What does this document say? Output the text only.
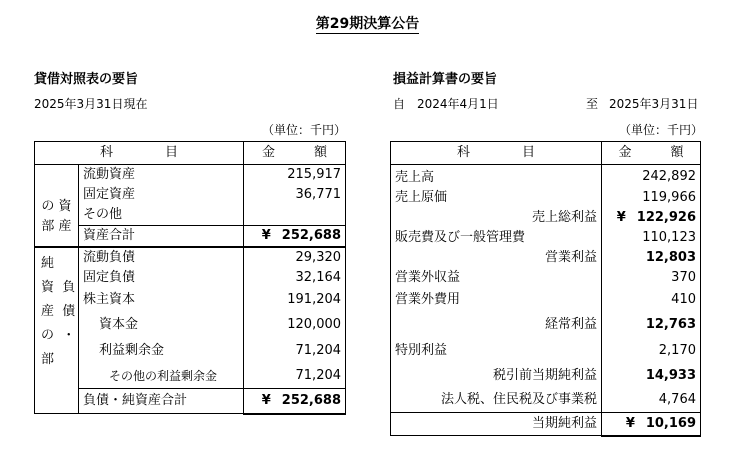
第29期決算公告
貸借対照表の要旨
2025年3月31日現在
（単位：千円）
科　　　　目		金　　　額

の 資
部 産	流動資産	215,917
	固定資産	36,771
	その他	
	資産合計	¥ 252,688

純
資  負
産  債
の  ・
部	流動負債	29,320
	固定負債	32,164
	株主資本	191,204
	資本金	120,000
	利益剰余金	71,204
	その他の利益剰余金	71,204
	負債・純資産合計	¥ 252,688
損益計算書の要旨
自 2024年4月1日	至 2025年3月31日
（単位：千円）
科　　　　目	金　　　額
売上高	242,892
売上原価	119,966
売上総利益	¥ 122,926
販売費及び一般管理費	110,123
営業利益	12,803
営業外収益	370
営業外費用	410
経常利益	12,763
特別利益	2,170
税引前当期純利益	14,933
法人税、住民税及び事業税	4,764
当期純利益	¥ 10,169
